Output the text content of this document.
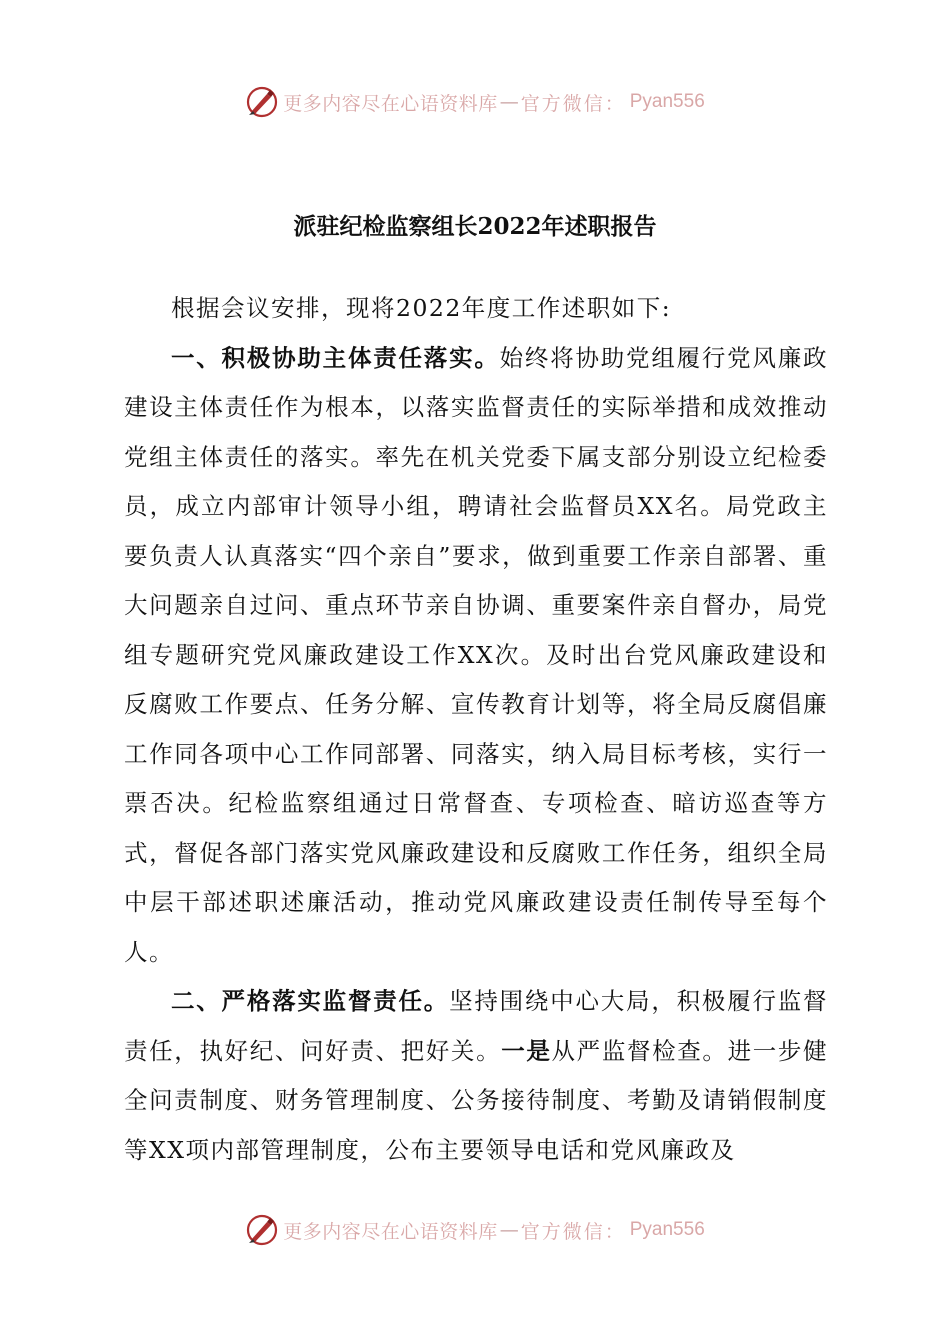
更多内容尽在心语资料库 — 官方微信： Pyan556
派驻纪检监察组长2022年述职报告

根据会议安排，现将2022年度工作述职如下:

一、积极协助主体责任落实。始终将协助党组履行党风廉政建设主体责任作为根本，以落实监督责任的实际举措和成效推动党组主体责任的落实。率先在机关党委下属支部分别设立纪检委员，成立内部审计领导小组，聘请社会监督员XX名。局党政主要负责人认真落实“四个亲自”要求，做到重要工作亲自部署、重大问题亲自过问、重点环节亲自协调、重要案件亲自督办，局党组专题研究党风廉政建设工作XX次。及时出台党风廉政建设和反腐败工作要点、任务分解、宣传教育计划等，将全局反腐倡廉工作同各项中心工作同部署、同落实，纳入局目标考核，实行一票否决。纪检监察组通过日常督查、专项检查、暗访巡查等方式，督促各部门落实党风廉政建设和反腐败工作任务，组织全局中层干部述职述廉活动，推动党风廉政建设责任制传导至每个人。

二、严格落实监督责任。坚持围绕中心大局，积极履行监督责任，执好纪、问好责、把好关。一是从严监督检查。进一步健全问责制度、财务管理制度、公务接待制度、考勤及请销假制度等XX项内部管理制度，公布主要领导电话和党风廉政及

更多内容尽在心语资料库 — 官方微信： Pyan556
